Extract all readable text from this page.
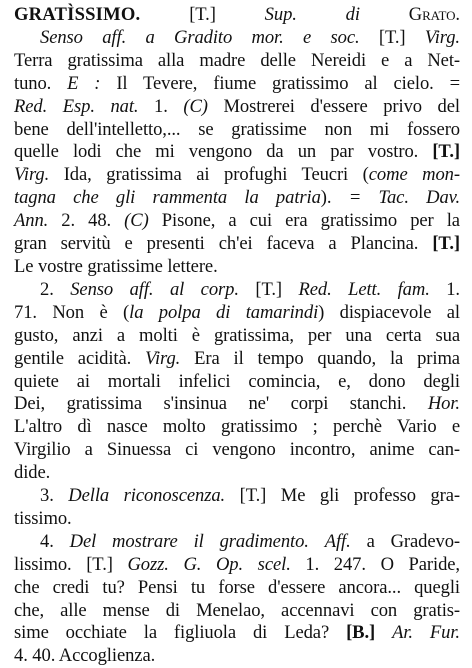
GRATÌSSIMO.	[T.]	Sup.	di	Grato.

Senso aff. a Gradito mor. e soc. [T.] Virg.
Terra gratissima alla madre delle Nereidi e a Net-
tuno. E : Il Tevere, fiume gratissimo al cielo. =
Red. Esp. nat. 1. (C) Mostrerei d'essere privo del
bene dell'intelletto,... se gratissime non mi fossero
quelle lodi che mi vengono da un par vostro. [T.]
Virg. Ida, gratissima ai profughi Teucri (come mon-
tagna che gli rammenta la patria). = Tac. Dav.
Ann. 2. 48. (C) Pisone, a cui era gratissimo per la
gran servitù e presenti ch'ei faceva a Plancina. [T.]
Le vostre gratissime lettere.

2. Senso aff. al corp. [T.] Red. Lett. fam. 1.
71. Non è (la polpa di tamarindi) dispiacevole al
gusto, anzi a molti è gratissima, per una certa sua
gentile acidità. Virg. Era il tempo quando, la prima
quiete ai mortali infelici comincia, e, dono degli
Dei, gratissima s'insinua ne' corpi stanchi. Hor.
L'altro dì nasce molto gratissimo ; perchè Vario e
Virgilio a Sinuessa ci vengono incontro, anime can-
dide.

3. Della riconoscenza. [T.] Me gli professo gra-
tissimo.

4. Del mostrare il gradimento. Aff. a Gradevo-
lissimo. [T.] Gozz. G. Op. scel. 1. 247. O Paride,
che credi tu? Pensi tu forse d'essere ancora... quegli
che, alle mense di Menelao, accennavi con gratis-
sime occhiate la figliuola di Leda? [B.] Ar. Fur.
4. 40. Accoglienza.
